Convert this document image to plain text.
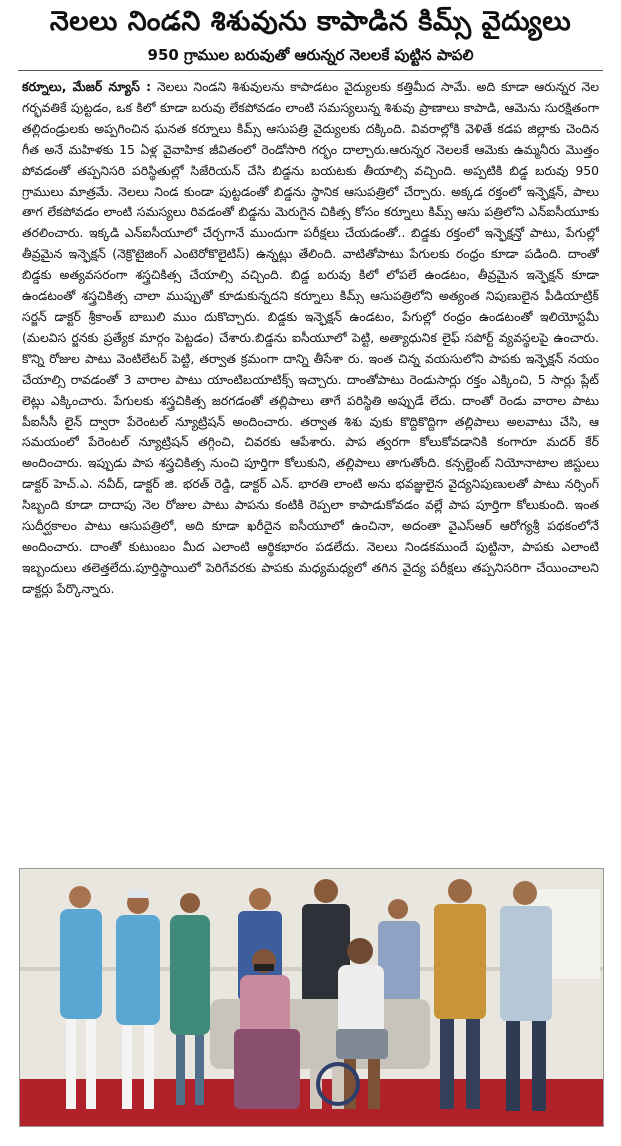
నెలలు నిండని శిశువును కాపాడిన కిమ్స్ వైద్యులు
950 గ్రాముల బరువుతో ఆరున్నర నెలలకే పుట్టిన పాపలి
కర్నూలు, మేజర్ న్యూస్ : నెలలు నిండని శిశువులను కాపాడటం వైద్యులకు కత్తిమీద సామే. అది కూడా ఆరున్నర నెల గర్భవతికే పుట్టడం, ఒక కిలో కూడా బరువు లేకపోవడం లాంటి సమస్యలున్న శిశువు ప్రాణాలు కాపాడి, ఆమెను సురక్షితంగా తల్లిదండ్రులకు అప్పగించిన ఘనత కర్నూలు కిమ్స్ ఆసుపత్రి వైద్యులకు దక్కింది. వివరాల్లోకి వెళితే కడప జిల్లాకు చెందిన గీత అనే మహిళకు 15 ఏళ్ల వైవాహిక జీవితంలో రెండోసారి గర్భం దాల్చారు.ఆరున్నర నెలలకే ఆమెకు ఉమ్మనీరు మొత్తం పోవడంతో తప్పనిసరి పరిస్థితుల్లో సిజేరియన్ చేసి బిడ్డను బయటకు తీయాల్సి వచ్చింది. అప్పటికి బిడ్డ బరువు 950 గ్రాములు మాత్రమే. నెలలు నిండ కుండా పుట్టడంతో బిడ్డను స్థానిక ఆసుపత్రిలో చేర్పారు. అక్కడ రక్తంలో ఇన్ఫెక్షన్, పాలు తాగ లేకపోవడం లాంటి సమస్యలు రివడంతో బిడ్డను మెరుగైన చికిత్స కోసం కర్నూలు కిమ్స్ ఆసు పత్రిలోని ఎన్ఐసీయూకు తరలించారు. ఇక్కడి ఎన్ఐసీయూలో చేర్చగానే ముందుగా పరీక్షలు చేయడంతో.. బిడ్డకు రక్తంలో ఇన్ఫెక్షన్తో పాటు, పేగుల్లో తీవ్రమైన ఇన్ఫెక్షన్ (నెక్రొటైజింగ్ ఎంటెరోకొలైటిస్) ఉన్నట్లు తేలింది. వాటితోపాటు పేగులకు రంధ్రం కూడా పడింది. దాంతో బిడ్డకు అత్యవసరంగా శస్త్రచికిత్స చేయాల్సి వచ్చింది. బిడ్డ బరువు కిలో లోపలే ఉండటం, తీవ్రమైన ఇన్ఫెక్షన్ కూడా ఉండటంతో శస్త్రచికిత్స చాలా ముప్పుతో కూడుకున్నదని కర్నూలు కిమ్స్ ఆసుపత్రిలోని అత్యంత నిపుణులైన పీడియాట్రిక్ సర్జన్ డాక్టర్ శ్రీకాంత్ బాబులి ముం దుకొచ్చారు. బిడ్డకు ఇన్ఫెక్షన్ ఉండటం, పేగుల్లో రంధ్రం ఉండటంతో ఇలియోస్టమీ (మలవిస ర్జనకు ప్రత్యేక మార్గం పెట్టడం) చేశారు.బిడ్డను ఐసీయూలో పెట్టి, అత్యాధునిక లైఫ్ సపోర్ట్ వ్యవస్థలపై ఉంచారు. కొన్ని రోజుల పాటు వెంటిలేటర్ పెట్టి, తర్వాత క్రమంగా దాన్ని తీసేశా రు. ఇంత చిన్న వయసులోని పాపకు ఇన్ఫెక్షన్ నయం చేయాల్సి రావడంతో 3 వారాల పాటు యాంటిబయాటిక్స్ ఇచ్చారు. దాంతోపాటు రెండుసార్లు రక్తం ఎక్కించి, 5 సార్లు ప్లేట్ లెట్లు ఎక్కించారు. పేగులకు శస్త్రచికిత్స జరగడంతో తల్లిపాలు తాగే పరిస్థితి అప్పుడే లేదు. దాంతో రెండు వారాల పాటు పీఐసీసీ లైన్ ద్వారా పేరెంటల్ న్యూట్రిషన్ అందించారు. తర్వాత శిశు వుకు కొద్దికొద్దిగా తల్లిపాలు అలవాటు చేసి, ఆ సమయంలో పేరెంటల్ న్యూట్రిషన్ తగ్గించి, చివరకు ఆపేశారు. పాప త్వరగా కోలుకోవడానికి కంగారూ మదర్ కేర్ అందించారు. ఇప్పుడు పాప శస్త్రచికిత్స నుంచి పూర్తిగా కోలుకుని, తల్లిపాలు తాగుతోంది. కన్సల్టెంట్ నియోనాటాల జిస్టులు డాక్టర్ హెచ్.ఎ. నవీద్, డాక్టర్ జి. భరత్ రెడ్డి, డాక్టర్ ఎన్. భారతి లాంటి అను భవజ్ఞులైన వైద్యనిపుణులతో పాటు నర్సింగ్ సిబ్బంది కూడా దాదాపు నెల రోజుల పాటు పాపను కంటికి రెప్పలా కాపాడుకోవడం వల్లే పాప పూర్తిగా కోలుకుంది. ఇంత సుదీర్ఘకాలం పాటు ఆసుపత్రిలో, అది కూడా ఖరీదైన ఐసీయూలో ఉంచినా, అదంతా వైఎస్ఆర్ ఆరోగ్యశ్రీ పథకంలోనే అందించారు. దాంతో కుటుంబం మీద ఎలాంటి ఆర్థికభారం పడలేదు. నెలలు నిండకముందే పుట్టినా, పాపకు ఎలాంటి ఇబ్బందులు తలెత్తలేదు.పూర్తిస్థాయిలో పెరిగేవరకు పాపకు మధ్యమధ్యలో తగిన వైద్య పరీక్షలు తప్పనిసరిగా చేయించాలని డాక్టర్లు పేర్కొన్నారు.
